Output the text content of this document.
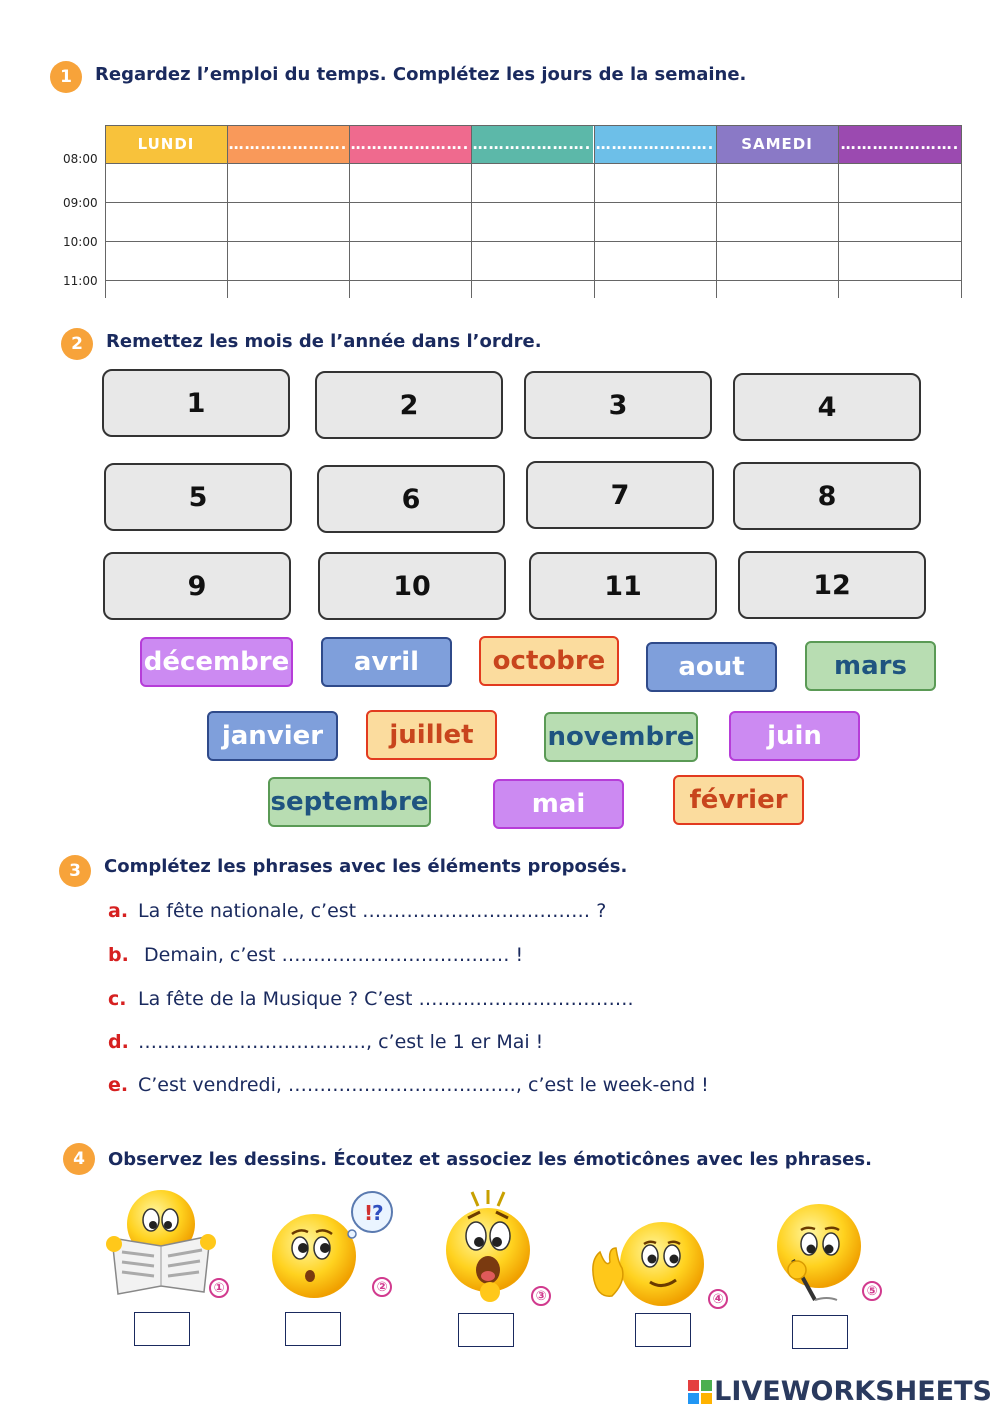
1	Regardez l’emploi du temps. Complétez les jours de la semaine.
LUNDI	…………………. …………………. …………………. ………………….	SAMEDI	………………….
08:00
09:00
10:00
11:00
2	Remettez les mois de l’année dans l’ordre.
1	2	3	4
5	6	7	8
9	10	11	12
décembre	avril	octobre	aout	mars
janvier	juillet	novembre	juin
septembre	mai	février
3	Complétez les phrases avec les éléments proposés.
a. La fête nationale, c’est ……………………………… ?
b. Demain, c’est ……………………………… !
c. La fête de la Musique ? C’est …………………………….
d. ………………………………, c’est le 1 er Mai !
e. C’est vendredi, ………………………………, c’est le week-end !
4	Observez les dessins. Écoutez et associez les émoticônes avec les phrases.
!
?
①	②
③	④
⑤
LIVEWORKSHEETS
